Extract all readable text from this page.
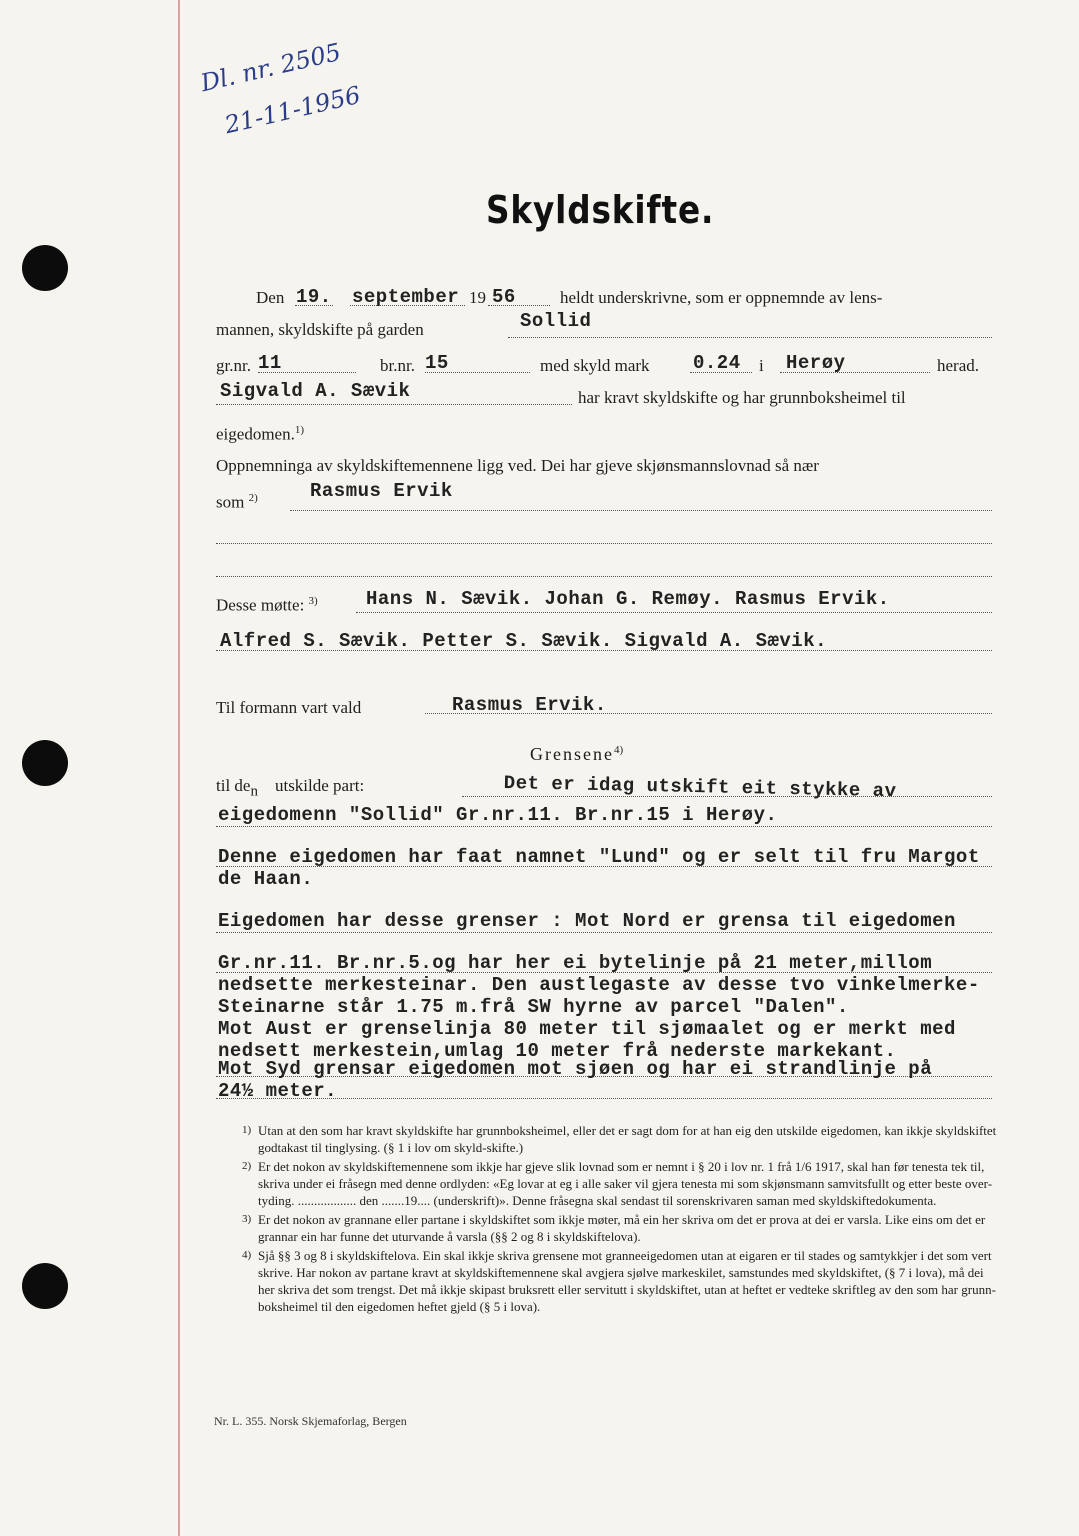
Dl. nr. 2505
21-11-1956
Skyldskifte.
Den 19. september 19 56	heldt underskrivne, som er oppnemnde av lens-
mannen, skyldskifte på garden	Sollid
gr.nr. 11	br.nr. 15	med skyld mark 0.24 i Herøy	herad.
Sigvald A. Sævik	har kravt skyldskifte og har grunnboksheimel til
eigedomen.$^{1)}$
Oppnemninga av skyldskiftemennene ligg ved. Dei har gjeve skjønsmannslovnad så nær
som $^{2)}$	Rasmus Ervik
Desse møtte: $^{3)}$	Hans N. Sævik. Johan G. Remøy. Rasmus Ervik.
Alfred S. Sævik. Petter S. Sævik. Sigvald A. Sævik.
Til formann vart vald	Rasmus Ervik.
Grensene$^{4)}$
til $de_n$ utskilde part:	Det er idag utskift eit stykke av
eigedomenn "Sollid" Gr.nr.11. Br.nr.15 i Herøy.
Denne eigedomen har faat namnet "Lund" og er selt til fru Margot
de Haan.
Eigedomen har desse grenser : Mot Nord er grensa til eigedomen
Gr.nr.11. Br.nr.5.og har her ei bytelinje på 21 meter,millom
nedsette merkesteinar. Den austlegaste av desse tvo vinkelmerke-
Steinarne står 1.75 m.frå SW hyrne av parcel "Dalen".
Mot Aust er grenselinja 80 meter til sjømaalet og er merkt med
nedsett merkestein,umlag 10 meter frå nederste markekant.
Mot Syd grensar eigedomen mot sjøen og har ei strandlinje på
24½ meter.

1) Utan at den som har kravt skyldskifte har grunnboksheimel, eller det er sagt dom for at han eig den utskilde eigedomen, kan ikkje skyldskiftet godtakast til tinglysing. (§ 1 i lov om skyld-skifte.)

2) Er det nokon av skyldskiftemennene som ikkje har gjeve slik lovnad som er nemnt i § 20 i lov nr. 1 frå 1/6 1917, skal han før tenesta tek til, skriva under ei fråsegn med denne ordlyden: «Eg lovar at eg i alle saker vil gjera tenesta mi som skjønsmann samvitsfullt og etter beste over-tyding. .................. den .......19.... (underskrift)». Denne fråsegna skal sendast til sorenskrivaren saman med skyldskiftedokumenta.

3) Er det nokon av grannane eller partane i skyldskiftet som ikkje møter, må ein her skriva om det er prova at dei er varsla. Like eins om det er grannar ein har funne det uturvande å varsla (§§ 2 og 8 i skyldskiftelova).

4) Sjå §§ 3 og 8 i skyldskiftelova. Ein skal ikkje skriva grensene mot granneeigedomen utan at eigaren er til stades og samtykkjer i det som vert skrive. Har nokon av partane kravt at skyldskiftemennene skal avgjera sjølve markeskilet, samstundes med skyldskiftet, (§ 7 i lova), må dei her skriva det som trengst. Det må ikkje skipast bruksrett eller servitutt i skyldskiftet, utan at heftet er vedteke skriftleg av den som har grunn-boksheimel til den eigedomen heftet gjeld (§ 5 i lova).

Nr. L. 355. Norsk Skjemaforlag, Bergen
